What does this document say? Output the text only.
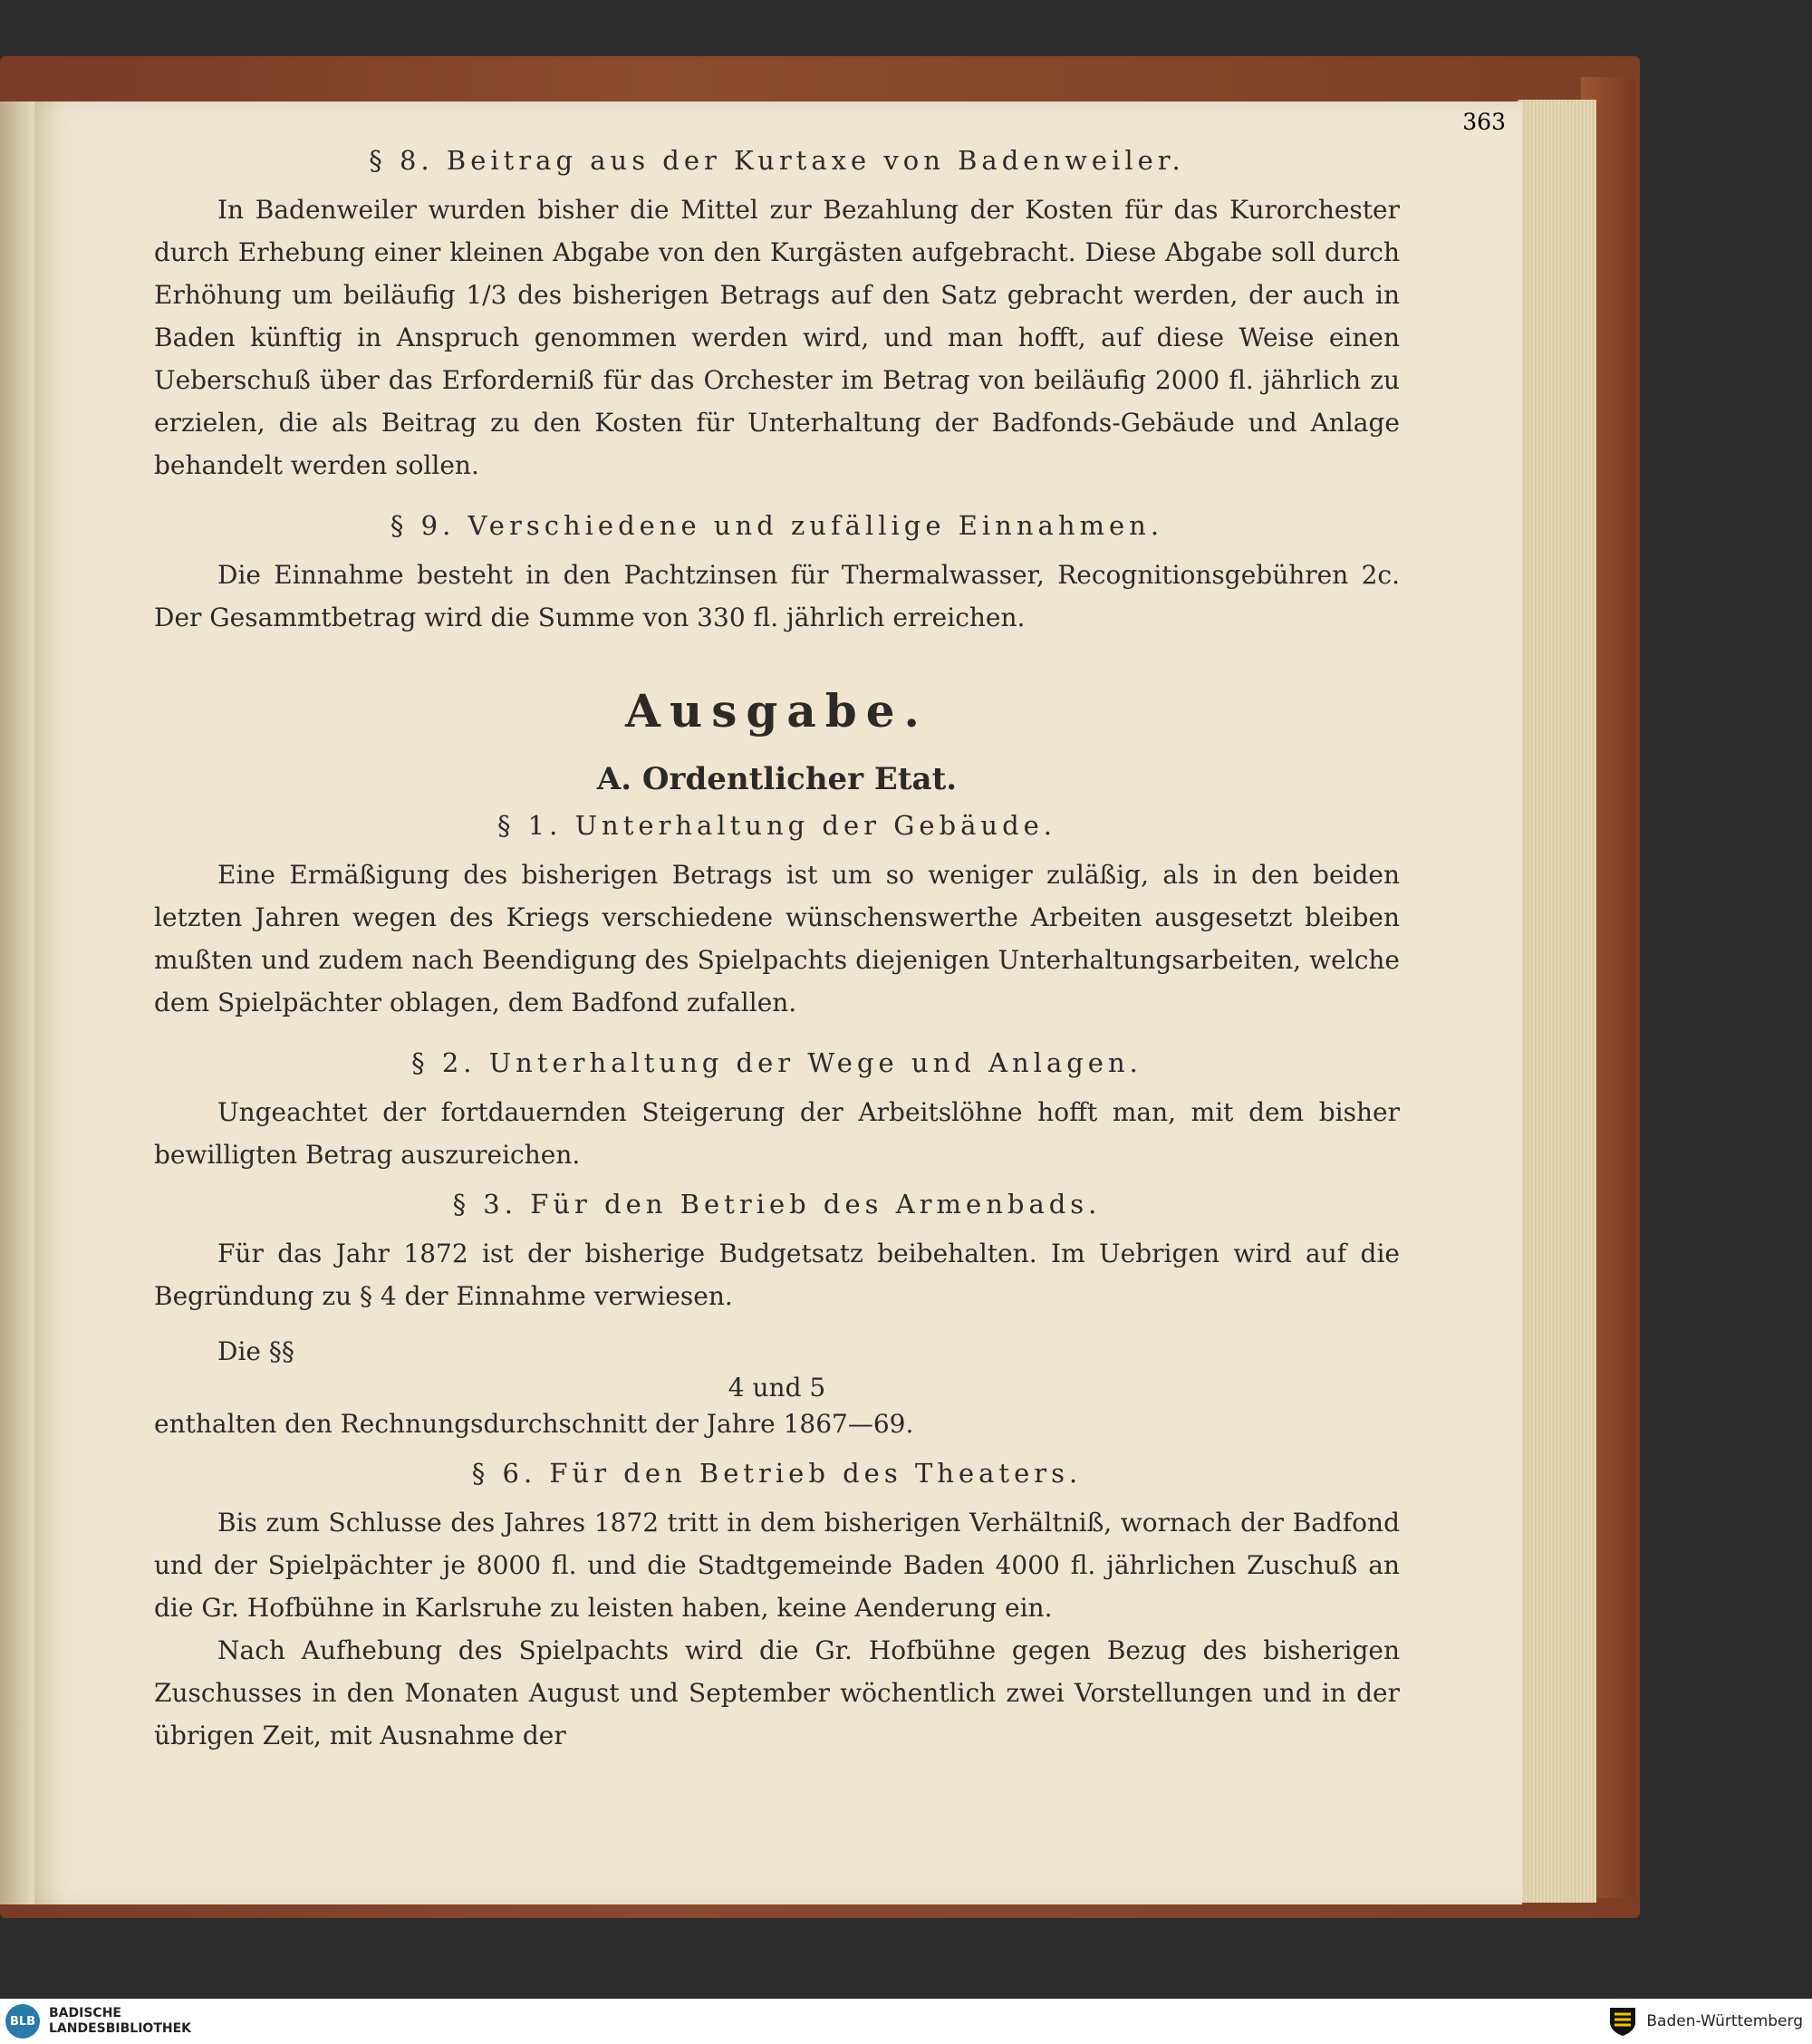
363
§ 8. Beitrag aus der Kurtaxe von Badenweiler.

In Badenweiler wurden bisher die Mittel zur Bezahlung der Kosten für das Kurorchester durch Erhebung einer kleinen Abgabe von den Kurgästen aufgebracht. Diese Abgabe soll durch Erhöhung um beiläufig 1/3 des bisherigen Betrags auf den Satz gebracht werden, der auch in Baden künftig in Anspruch genommen werden wird, und man hofft, auf diese Weise einen Ueberschuß über das Erforderniß für das Orchester im Betrag von beiläufig 2000 fl. jährlich zu erzielen, die als Beitrag zu den Kosten für Unterhaltung der Badfonds-Gebäude und Anlage behandelt werden sollen.

§ 9. Verschiedene und zufällige Einnahmen.

Die Einnahme besteht in den Pachtzinsen für Thermalwasser, Recognitionsgebühren 2c. Der Gesammtbetrag wird die Summe von 330 fl. jährlich erreichen.

Ausgabe.
A. Ordentlicher Etat.
§ 1. Unterhaltung der Gebäude.

Eine Ermäßigung des bisherigen Betrags ist um so weniger zuläßig, als in den beiden letzten Jahren wegen des Kriegs verschiedene wünschenswerthe Arbeiten ausgesetzt bleiben mußten und zudem nach Beendigung des Spielpachts diejenigen Unterhaltungsarbeiten, welche dem Spielpächter oblagen, dem Badfond zufallen.

§ 2. Unterhaltung der Wege und Anlagen.

Ungeachtet der fortdauernden Steigerung der Arbeitslöhne hofft man, mit dem bisher bewilligten Betrag auszureichen.

§ 3. Für den Betrieb des Armenbads.

Für das Jahr 1872 ist der bisherige Budgetsatz beibehalten. Im Uebrigen wird auf die Begründung zu § 4 der Einnahme verwiesen.

Die §§

4 und 5

enthalten den Rechnungsdurchschnitt der Jahre 1867—69.

§ 6. Für den Betrieb des Theaters.

Bis zum Schlusse des Jahres 1872 tritt in dem bisherigen Verhältniß, wornach der Badfond und der Spielpächter je 8000 fl. und die Stadtgemeinde Baden 4000 fl. jährlichen Zuschuß an die Gr. Hofbühne in Karlsruhe zu leisten haben, keine Aenderung ein.

Nach Aufhebung des Spielpachts wird die Gr. Hofbühne gegen Bezug des bisherigen Zuschusses in den Monaten August und September wöchentlich zwei Vorstellungen und in der übrigen Zeit, mit Ausnahme der

BLB
BADISCHE
LANDESBIBLIOTHEK	Baden-Württemberg
